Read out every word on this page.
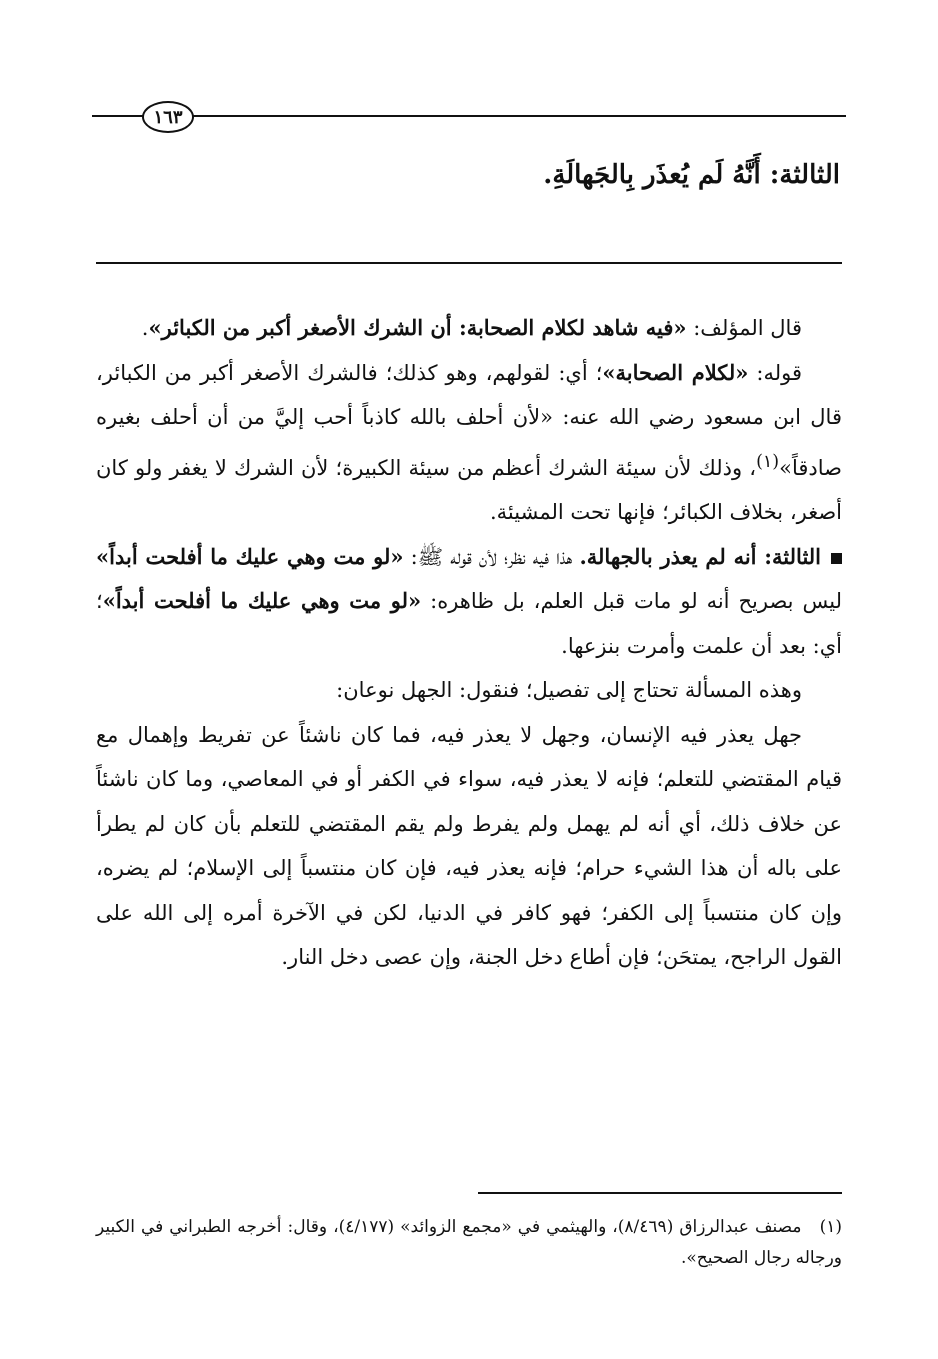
١٦٣
الثالثة: أَنَّهُ لَم يُعذَر بِالجَهالَةِ.

قال المؤلف: «فيه شاهد لكلام الصحابة: أن الشرك الأصغر أكبر من الكبائر».

قوله: «لكلام الصحابة»؛ أي: لقولهم، وهو كذلك؛ فالشرك الأصغر أكبر من الكبائر، قال ابن مسعود رضي الله عنه: «لأن أحلف بالله كاذباً أحب إليَّ من أن أحلف بغيره صادقاً»$^{(١)}$، وذلك لأن سيئة الشرك أعظم من سيئة الكبيرة؛ لأن الشرك لا يغفر ولو كان أصغر، بخلاف الكبائر؛ فإنها تحت المشيئة.

الثالثة: أنه لم يعذر بالجهالة. هذا فيه نظر؛ لأن قوله ﷺ: «لو مت وهي عليك ما أفلحت أبداً» ليس بصريح أنه لو مات قبل العلم، بل ظاهره: «لو مت وهي عليك ما أفلحت أبداً»؛ أي: بعد أن علمت وأمرت بنزعها.

وهذه المسألة تحتاج إلى تفصيل؛ فنقول: الجهل نوعان:

جهل يعذر فيه الإنسان، وجهل لا يعذر فيه، فما كان ناشئاً عن تفريط وإهمال مع قيام المقتضي للتعلم؛ فإنه لا يعذر فيه، سواء في الكفر أو في المعاصي، وما كان ناشئاً عن خلاف ذلك، أي أنه لم يهمل ولم يفرط ولم يقم المقتضي للتعلم بأن كان لم يطرأ على باله أن هذا الشيء حرام؛ فإنه يعذر فيه، فإن كان منتسباً إلى الإسلام؛ لم يضره، وإن كان منتسباً إلى الكفر؛ فهو كافر في الدنيا، لكن في الآخرة أمره إلى الله على القول الراجح، يمتحَن؛ فإن أطاع دخل الجنة، وإن عصى دخل النار.

(١)   مصنف عبدالرزاق (٨/٤٦٩)، والهيثمي في «مجمع الزوائد» (٤/١٧٧)، وقال: أخرجه الطبراني في الكبير ورجاله رجال الصحيح».
